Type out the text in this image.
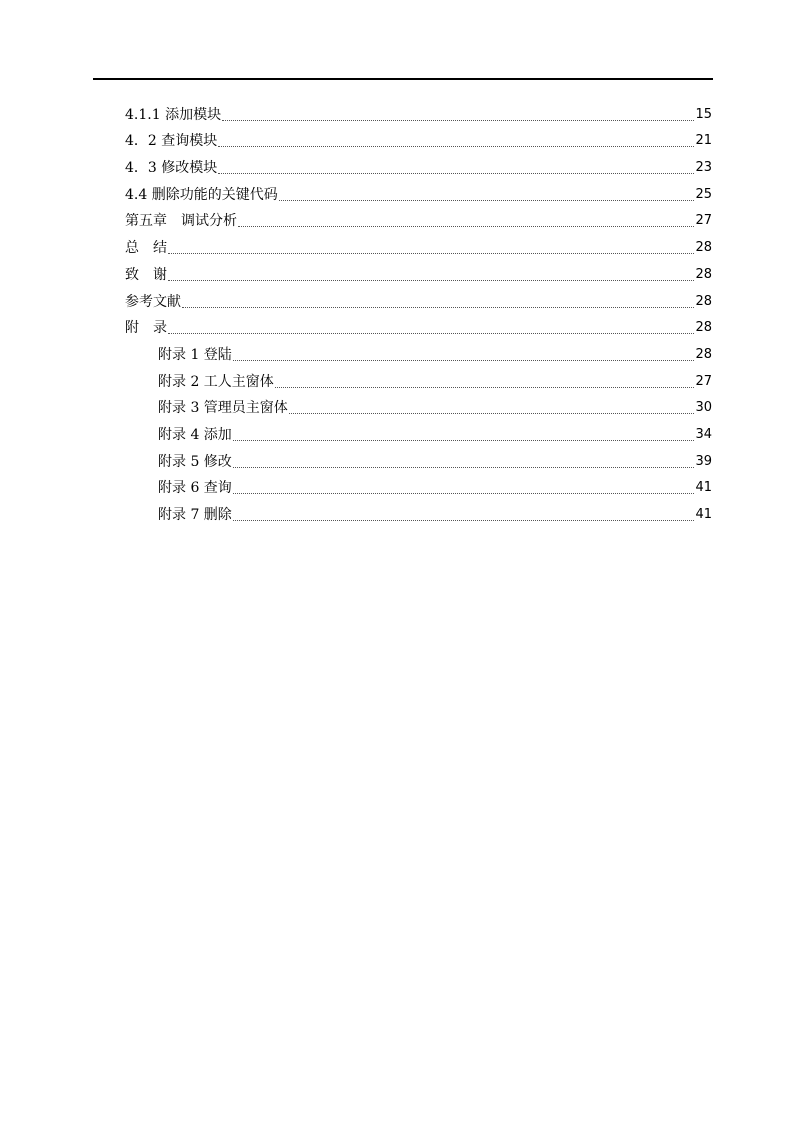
4.1.1 添加模块	15
4．2 查询模块	21
4．3 修改模块	23
4.4 删除功能的关键代码	25
第五章　调试分析	27
总　结	28
致　谢	28
参考文献	28
附　录	28
附录 1 登陆	28
附录 2 工人主窗体	27
附录 3 管理员主窗体	30
附录 4 添加	34
附录 5 修改	39
附录 6 查询	41
附录 7 删除	41
